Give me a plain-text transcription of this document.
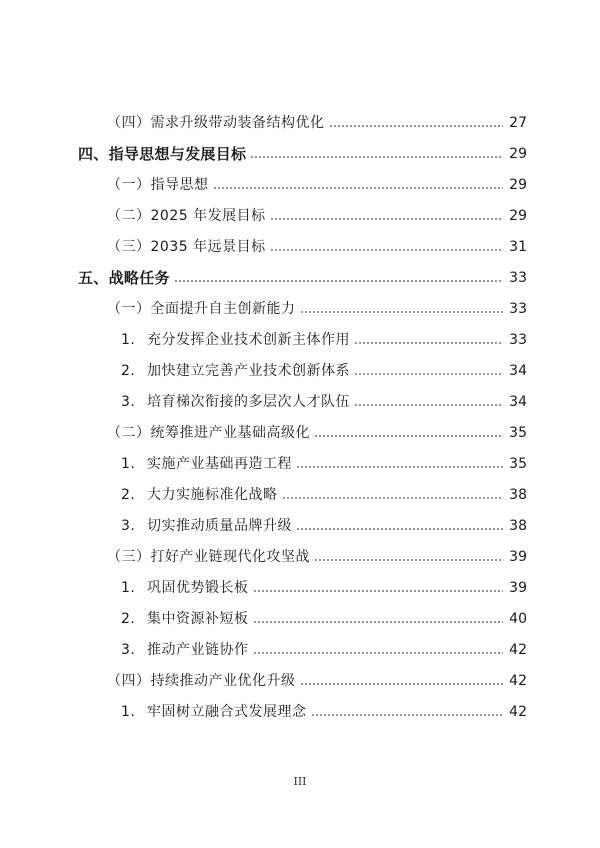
（四）需求升级带动装备结构优化	27
四、指导思想与发展目标	29
（一）指导思想	29
（二）2025 年发展目标	29
（三）2035 年远景目标	31
五、战略任务	33
（一）全面提升自主创新能力	33
1. 充分发挥企业技术创新主体作用	33
2. 加快建立完善产业技术创新体系	34
3. 培育梯次衔接的多层次人才队伍	34
（二）统筹推进产业基础高级化	35
1. 实施产业基础再造工程	35
2. 大力实施标准化战略	38
3. 切实推动质量品牌升级	38
（三）打好产业链现代化攻坚战	39
1. 巩固优势锻长板	39
2. 集中资源补短板	40
3. 推动产业链协作	42
（四）持续推动产业优化升级	42
1. 牢固树立融合式发展理念	42
III
